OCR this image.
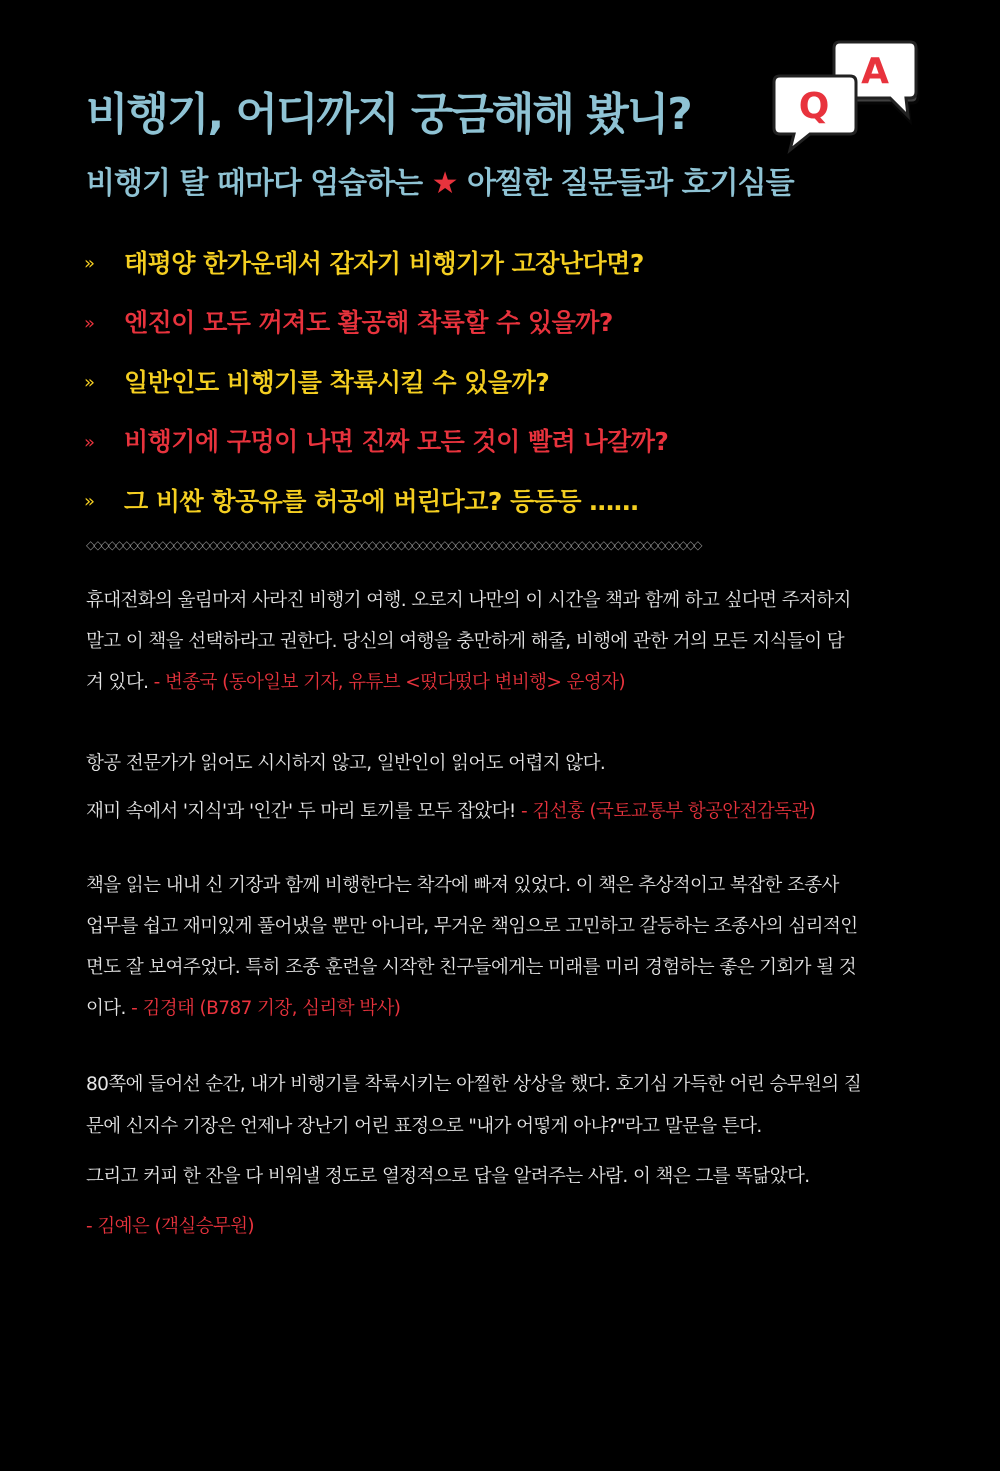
비행기, 어디까지 궁금해해 봤니?
비행기 탈 때마다 엄습하는 ★ 아찔한 질문들과 호기심들
A
Q
»	태평양 한가운데서 갑자기 비행기가 고장난다면?
»	엔진이 모두 꺼져도 활공해 착륙할 수 있을까?
»	일반인도 비행기를 착륙시킬 수 있을까?
»	비행기에 구멍이 나면 진짜 모든 것이 빨려 나갈까?
»	그 비싼 항공유를 허공에 버린다고? 등등등 ……
◇◇◇◇◇◇◇◇◇◇◇◇◇◇◇◇◇◇◇◇◇◇◇◇◇◇◇◇◇◇◇◇◇◇◇◇◇◇◇◇◇◇◇◇◇◇◇◇◇◇◇◇◇◇◇◇◇◇◇◇◇◇◇◇◇◇◇◇◇◇◇◇◇◇◇◇◇◇◇◇◇◇◇◇◇

휴대전화의 울림마저 사라진 비행기 여행. 오로지 나만의 이 시간을 책과 함께 하고 싶다면 주저하지

말고 이 책을 선택하라고 권한다. 당신의 여행을 충만하게 해줄, 비행에 관한 거의 모든 지식들이 담

겨 있다. - 변종국 (동아일보 기자, 유튜브 <떴다떴다 변비행> 운영자)

항공 전문가가 읽어도 시시하지 않고, 일반인이 읽어도 어렵지 않다.

재미 속에서 '지식'과 '인간' 두 마리 토끼를 모두 잡았다! - 김선홍 (국토교통부 항공안전감독관)

책을 읽는 내내 신 기장과 함께 비행한다는 착각에 빠져 있었다. 이 책은 추상적이고 복잡한 조종사

업무를 쉽고 재미있게 풀어냈을 뿐만 아니라, 무거운 책임으로 고민하고 갈등하는 조종사의 심리적인

면도 잘 보여주었다. 특히 조종 훈련을 시작한 친구들에게는 미래를 미리 경험하는 좋은 기회가 될 것

이다. - 김경태 (B787 기장, 심리학 박사)

80쪽에 들어선 순간, 내가 비행기를 착륙시키는 아찔한 상상을 했다. 호기심 가득한 어린 승무원의 질

문에 신지수 기장은 언제나 장난기 어린 표정으로 "내가 어떻게 아냐?"라고 말문을 튼다.

그리고 커피 한 잔을 다 비워낼 정도로 열정적으로 답을 알려주는 사람. 이 책은 그를 똑닮았다.

- 김예은 (객실승무원)
